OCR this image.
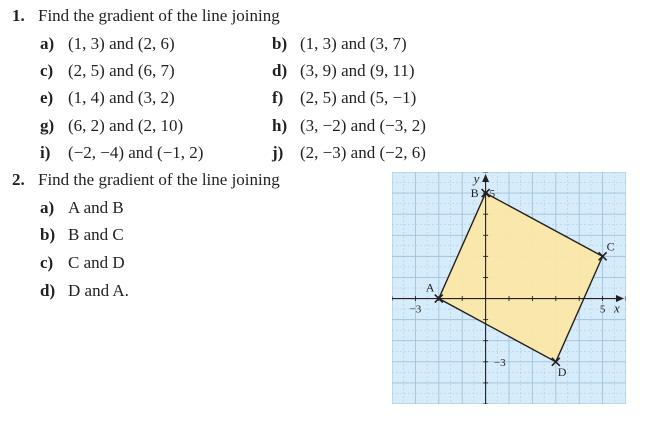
1. Find the gradient of the line joining
a) (1, 3) and (2, 6)	b) (1, 3) and (3, 7)
c) (2, 5) and (6, 7)	d) (3, 9) and (9, 11)
e) (1, 4) and (3, 2)	f) (2, 5) and (5, −1)
g) (6, 2) and (2, 10)	h) (3, −2) and (−3, 2)
i) (−2, −4) and (−1, 2)	j) (2, −3) and (−2, 6)
2. Find the gradient of the line joining
a) A and B
b) B and C
c) C and D
d) D and A.
x
y
−3	5
5
−3
A
B
C
D
